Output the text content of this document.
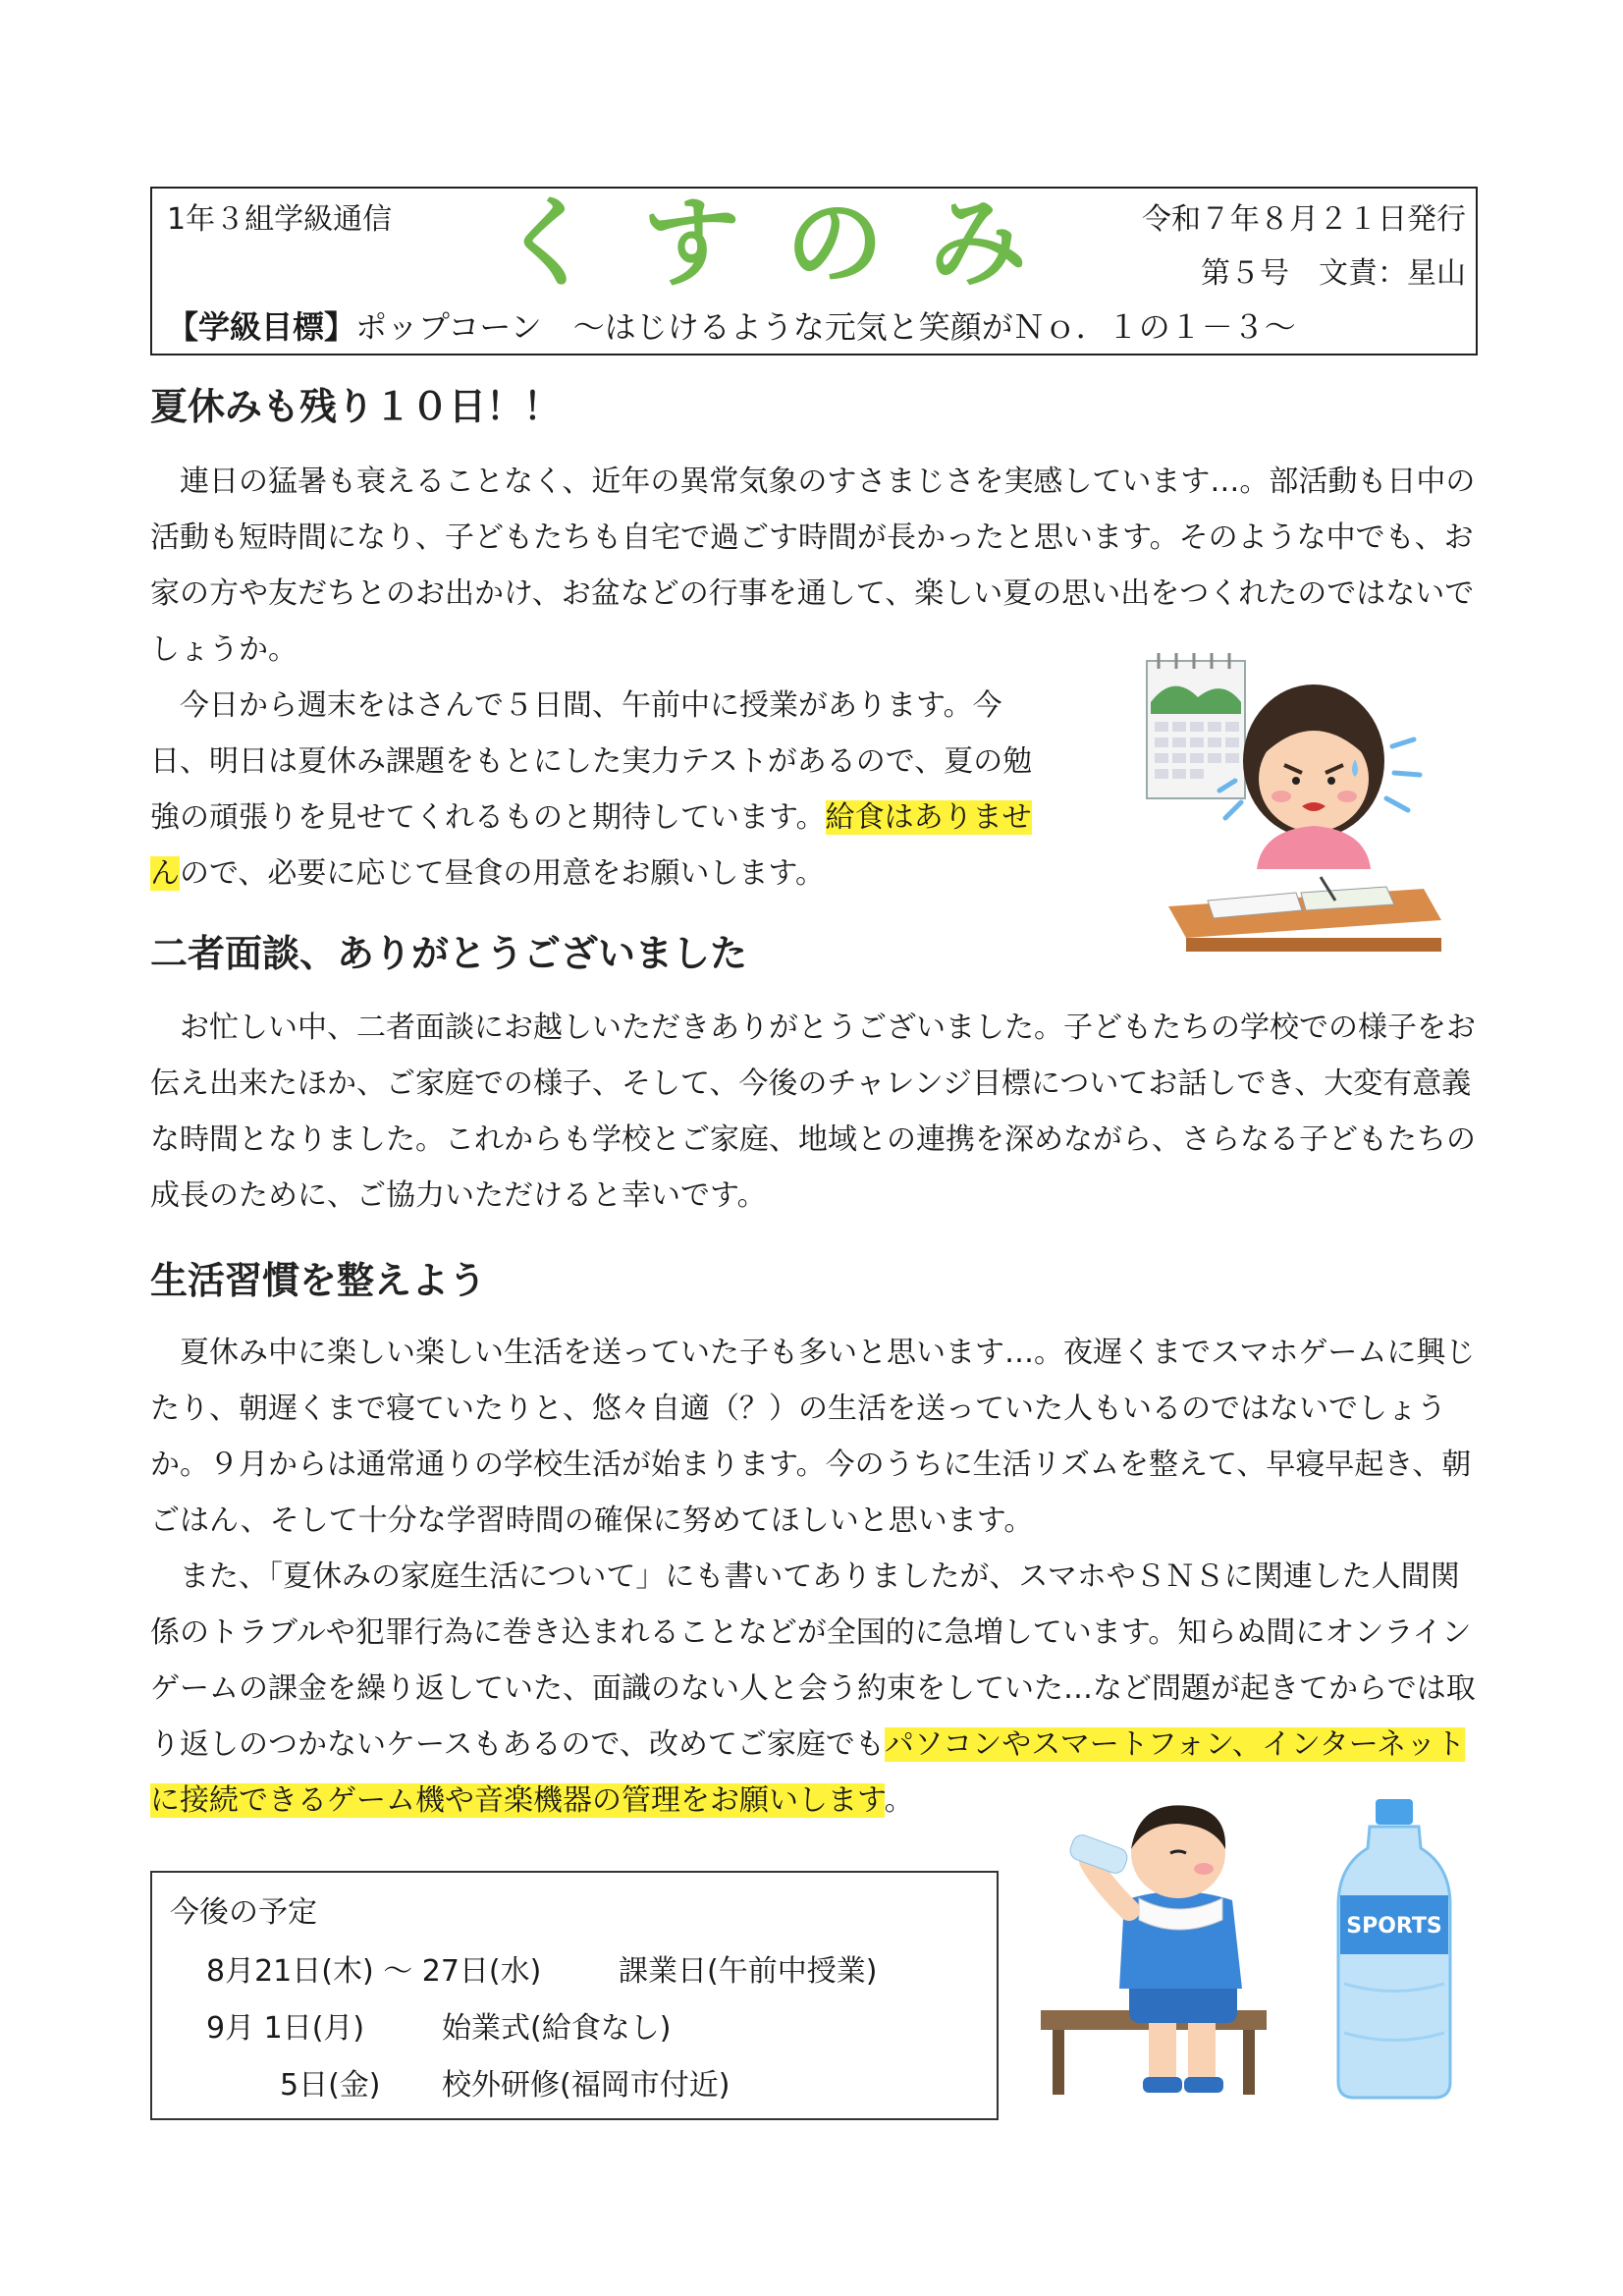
1年３組学級通信 くすのみ 令和７年８月２１日発行
第５号　文責：星山
【学級目標】ポップコーン　～はじけるような元気と笑顔がＮｏ．１の１－３～
夏休みも残り１０日！！

連日の猛暑も衰えることなく、近年の異常気象のすさまじさを実感しています…。部活動も日中の活動も短時間になり、子どもたちも自宅で過ごす時間が長かったと思います。そのような中でも、お家の方や友だちとのお出かけ、お盆などの行事を通して、楽しい夏の思い出をつくれたのではないでしょうか。

今日から週末をはさんで５日間、午前中に授業があります。今日、明日は夏休み課題をもとにした実力テストがあるので、夏の勉強の頑張りを見せてくれるものと期待しています。給食はありませんので、必要に応じて昼食の用意をお願いします。

二者面談、ありがとうございました

お忙しい中、二者面談にお越しいただきありがとうございました。子どもたちの学校での様子をお伝え出来たほか、ご家庭での様子、そして、今後のチャレンジ目標についてお話しでき、大変有意義な時間となりました。これからも学校とご家庭、地域との連携を深めながら、さらなる子どもたちの成長のために、ご協力いただけると幸いです。

生活習慣を整えよう

夏休み中に楽しい楽しい生活を送っていた子も多いと思います…。夜遅くまでスマホゲームに興じたり、朝遅くまで寝ていたりと、悠々自適（？）の生活を送っていた人もいるのではないでしょうか。９月からは通常通りの学校生活が始まります。今のうちに生活リズムを整えて、早寝早起き、朝ごはん、そして十分な学習時間の確保に努めてほしいと思います。

また、「夏休みの家庭生活について」にも書いてありましたが、スマホやＳＮＳに関連した人間関係のトラブルや犯罪行為に巻き込まれることなどが全国的に急増しています。知らぬ間にオンラインゲームの課金を繰り返していた、面識のない人と会う約束をしていた…など問題が起きてからでは取り返しのつかないケースもあるので、改めてご家庭でもパソコンやスマートフォン、インターネットに接続できるゲーム機や音楽機器の管理をお願いします。

今後の予定
8月21日(木) ～ 27日(水)	課業日(午前中授業)
9月 1日(月)	始業式(給食なし)
5日(金) 校外研修(福岡市付近)
SPORTS
